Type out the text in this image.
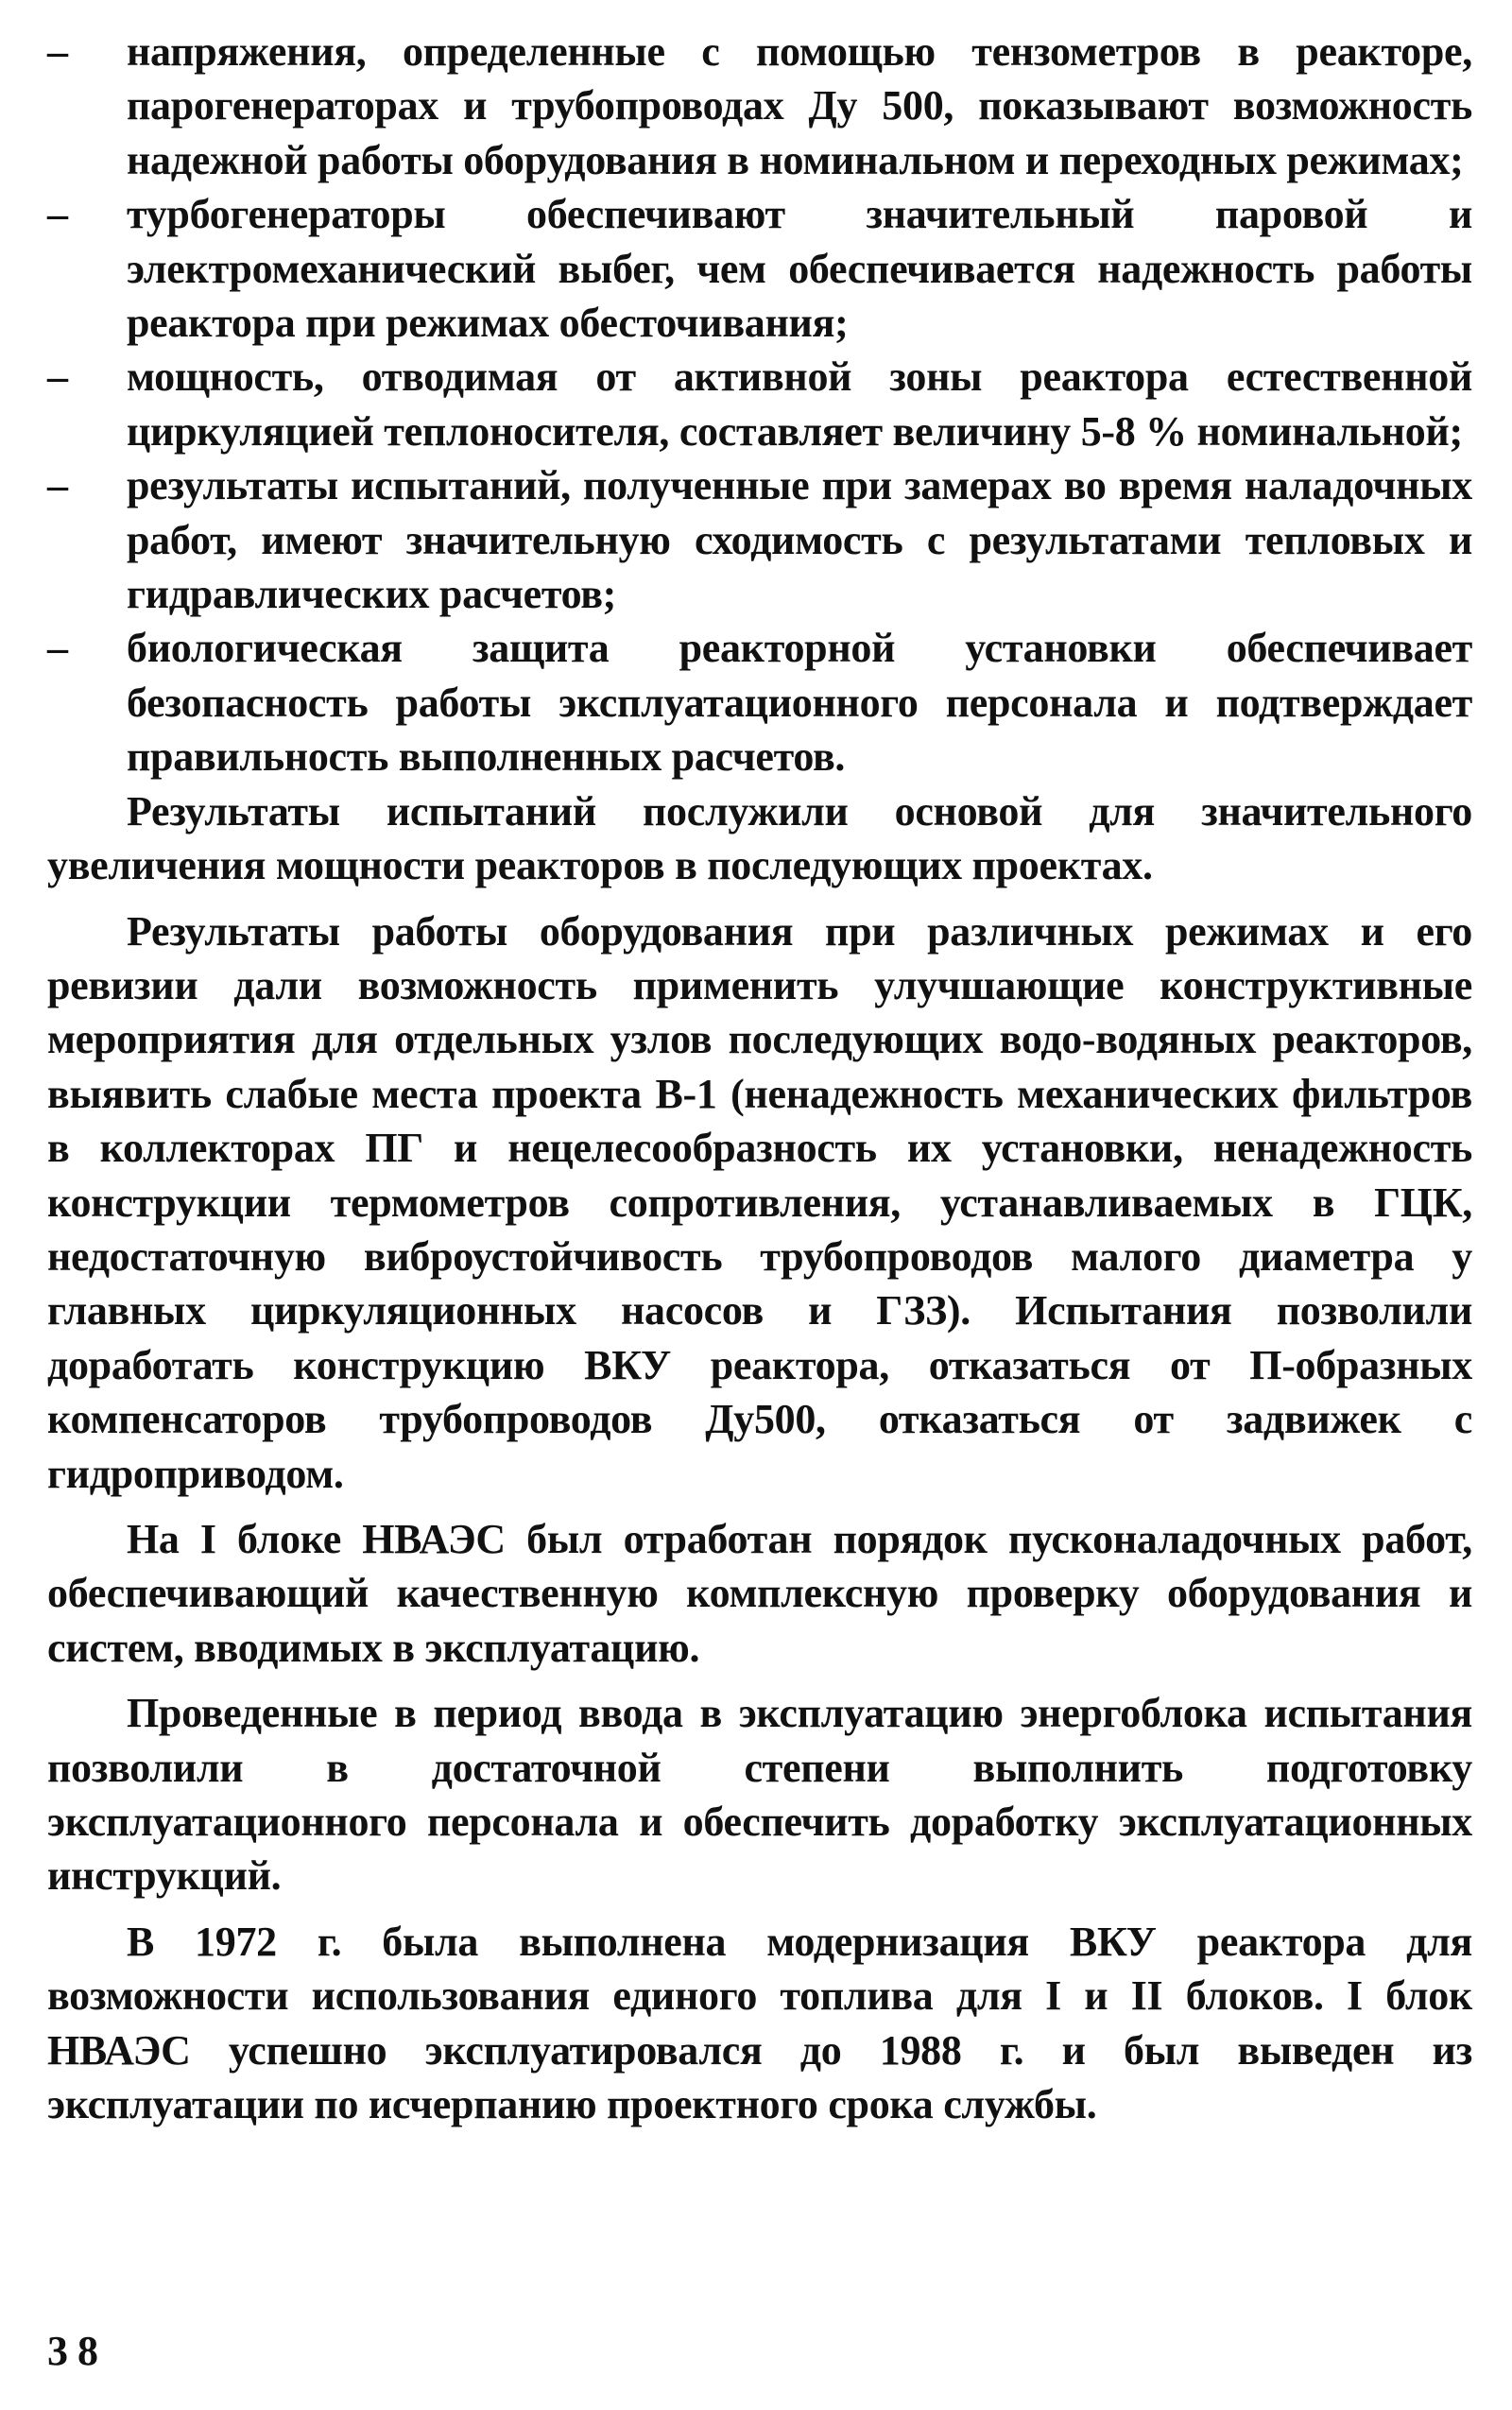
–	напряжения, определенные с помощью тензометров в реакторе, парогенераторах и трубопроводах Ду 500, показывают возможность надежной работы оборудования в номинальном и переходных режимах;
–	турбогенераторы обеспечивают значительный паровой и электромеханический выбег, чем обеспечивается надежность работы реактора при режимах обесточивания;
–	мощность, отводимая от активной зоны реактора естественной циркуляцией теплоносителя, составляет величину 5-8 % номинальной;
–	результаты испытаний, полученные при замерах во время наладочных работ, имеют значительную сходимость с результатами тепловых и гидравлических расчетов;
–	биологическая защита реакторной установки обеспечивает безопасность работы эксплуатационного персонала и подтверждает правильность выполненных расчетов.

Результаты испытаний послужили основой для значительного увеличения мощности реакторов в последующих проектах.

Результаты работы оборудования при различных режимах и его ревизии дали возможность применить улучшающие конструктивные мероприятия для отдельных узлов последующих водо-водяных реакторов, выявить слабые места проекта В-1 (ненадежность механических фильтров в коллекторах ПГ и нецелесообразность их установки, ненадежность конструкции термометров сопротивления, устанавливаемых в ГЦК, недостаточную виброустойчивость трубопроводов малого диаметра у главных циркуляционных насосов и ГЗЗ). Испытания позволили доработать конструкцию ВКУ реактора, отказаться от П-образных компенсаторов трубопроводов Ду500, отказаться от задвижек с гидроприводом.

На I блоке НВАЭС был отработан порядок пусконаладочных работ, обеспечивающий качественную комплексную проверку оборудования и систем, вводимых в эксплуатацию.

Проведенные в период ввода в эксплуатацию энергоблока испытания позволили в достаточной степени выполнить подготовку эксплуатационного персонала и обеспечить доработку эксплуатационных инструкций.

В 1972 г. была выполнена модернизация ВКУ реактора для возможности использования единого топлива для I и II блоков. I блок НВАЭС успешно эксплуатировался до 1988 г. и был выведен из эксплуатации по исчерпанию проектного срока службы.

38
